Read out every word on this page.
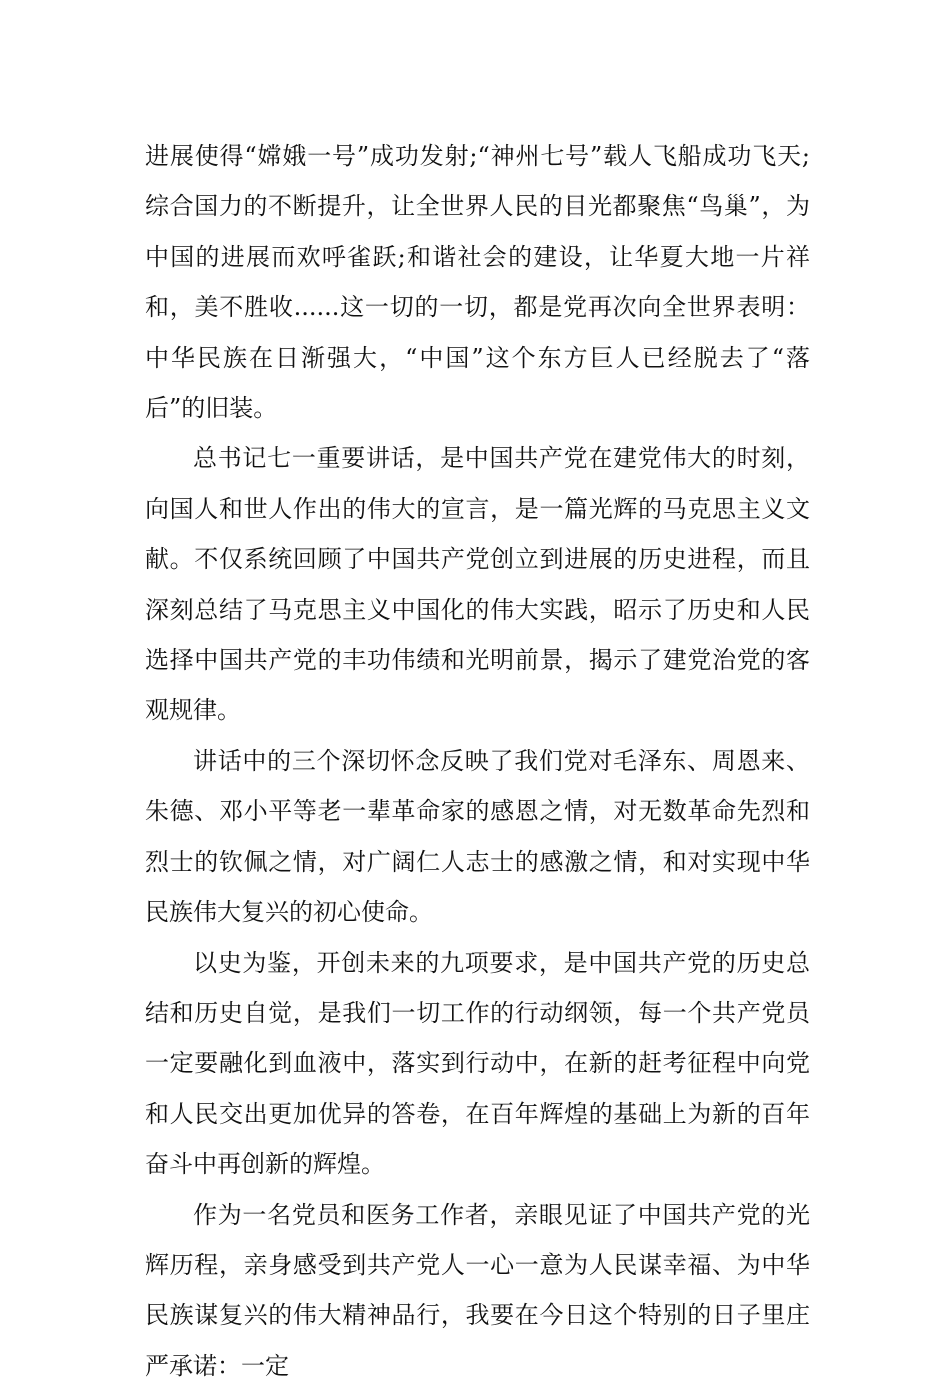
进展使得“嫦娥一号”成功发射;“神州七号”载人飞船成功飞天;综合国力的不断提升，让全世界人民的目光都聚焦“鸟巢”，为中国的进展而欢呼雀跃;和谐社会的建设，让华夏大地一片祥和，美不胜收......这一切的一切，都是党再次向全世界表明：中华民族在日渐强大，“中国”这个东方巨人已经脱去了“落后”的旧装。

总书记七一重要讲话，是中国共产党在建党伟大的时刻，向国人和世人作出的伟大的宣言，是一篇光辉的马克思主义文献。不仅系统回顾了中国共产党创立到进展的历史进程，而且深刻总结了马克思主义中国化的伟大实践，昭示了历史和人民选择中国共产党的丰功伟绩和光明前景，揭示了建党治党的客观规律。

讲话中的三个深切怀念反映了我们党对毛泽东、周恩来、朱德、邓小平等老一辈革命家的感恩之情，对无数革命先烈和烈士的钦佩之情，对广阔仁人志士的感激之情，和对实现中华民族伟大复兴的初心使命。

以史为鉴，开创未来的九项要求，是中国共产党的历史总结和历史自觉，是我们一切工作的行动纲领，每一个共产党员一定要融化到血液中，落实到行动中，在新的赶考征程中向党和人民交出更加优异的答卷，在百年辉煌的基础上为新的百年奋斗中再创新的辉煌。

作为一名党员和医务工作者，亲眼见证了中国共产党的光辉历程，亲身感受到共产党人一心一意为人民谋幸福、为中华民族谋复兴的伟大精神品行，我要在今日这个特别的日子里庄严承诺：一定
